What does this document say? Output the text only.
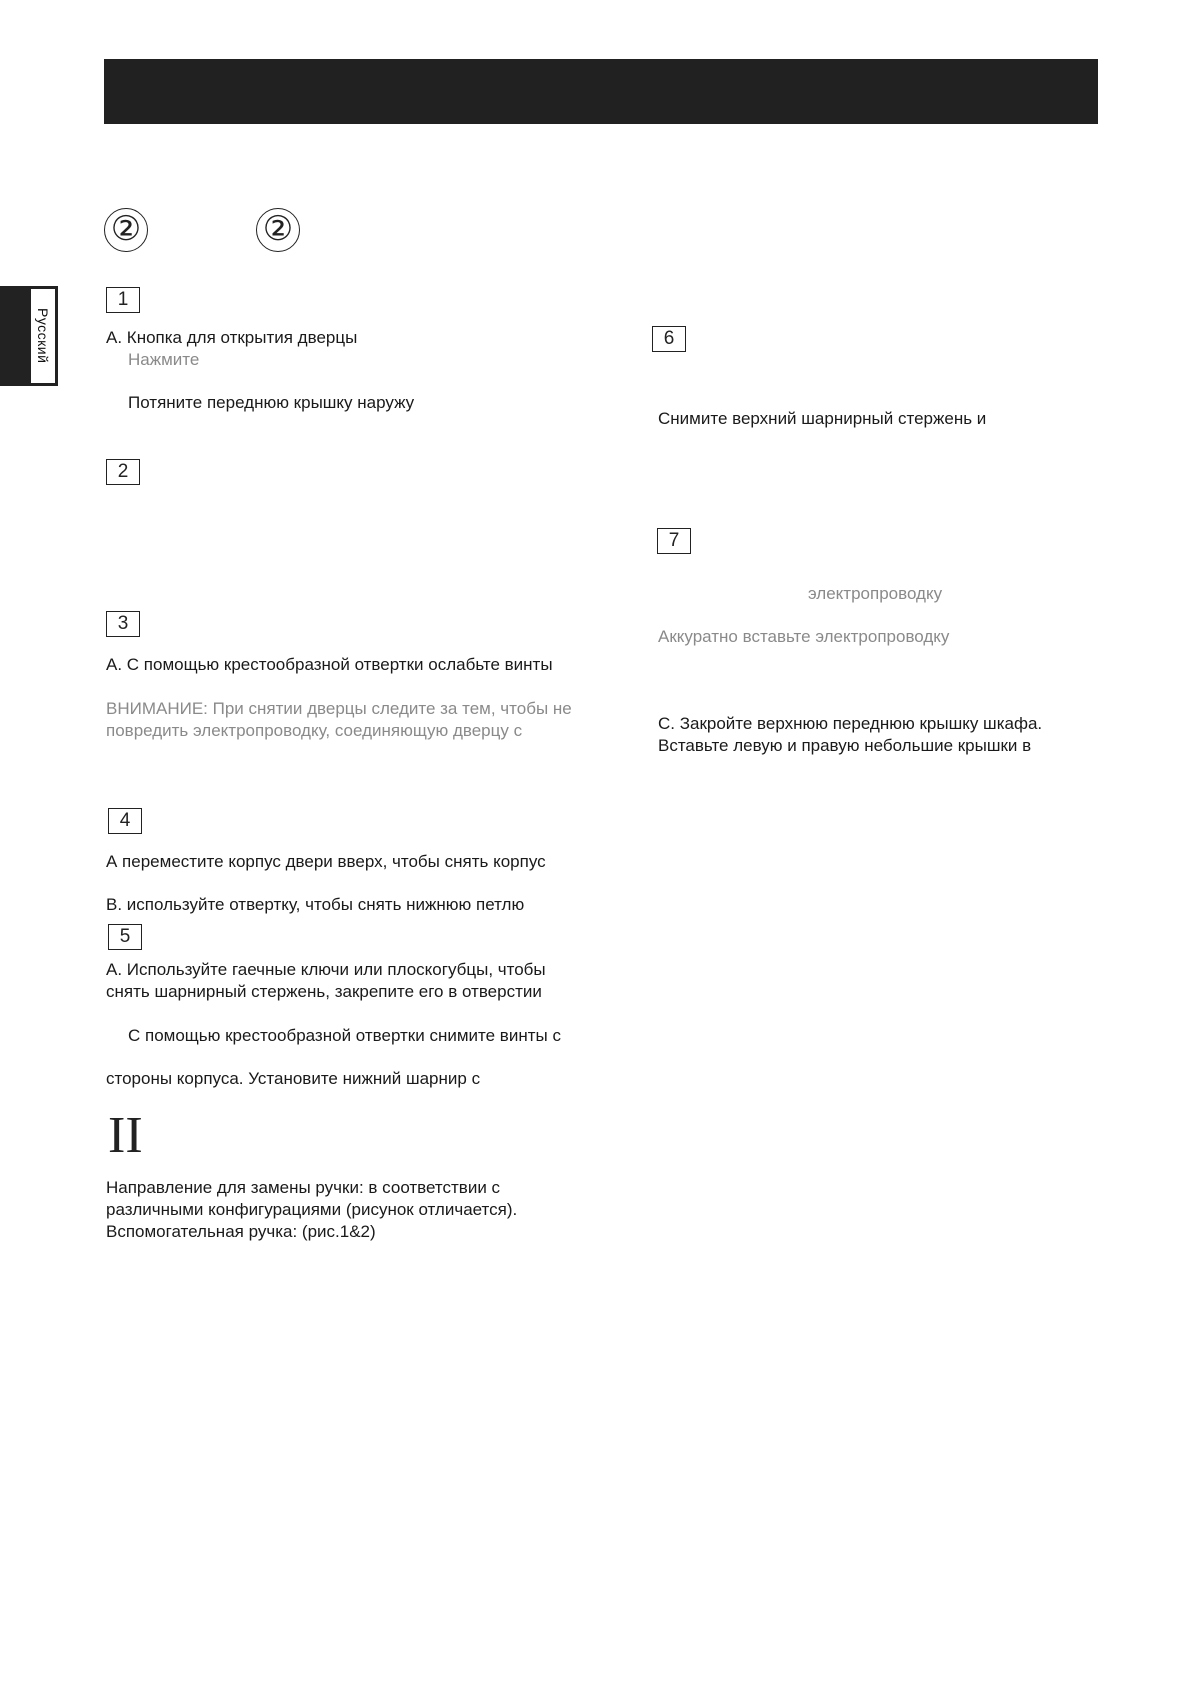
②	②
Русский
1
А. Кнопка для открытия дверцы
Нажмите
Потяните переднюю крышку наружу
2
3
А. С помощью крестообразной отвертки ослабьте винты
ВНИМАНИЕ: При снятии дверцы следите за тем, чтобы не
повредить электропроводку, соединяющую дверцу с
4
А переместите корпус двери вверх, чтобы снять корпус
В. используйте отвертку, чтобы снять нижнюю петлю
5
А. Используйте гаечные ключи или плоскогубцы, чтобы
снять шарнирный стержень, закрепите его в отверстии
С помощью крестообразной отвертки снимите винты с
стороны корпуса. Установите нижний шарнир с
II
Направление для замены ручки: в соответствии с
различными конфигурациями (рисунок отличается).
Вспомогательная ручка: (рис.1&2)
6
Снимите верхний шарнирный стержень и
7
электропроводку
Аккуратно вставьте электропроводку
С. Закройте верхнюю переднюю крышку шкафа.
Вставьте левую и правую небольшие крышки в
